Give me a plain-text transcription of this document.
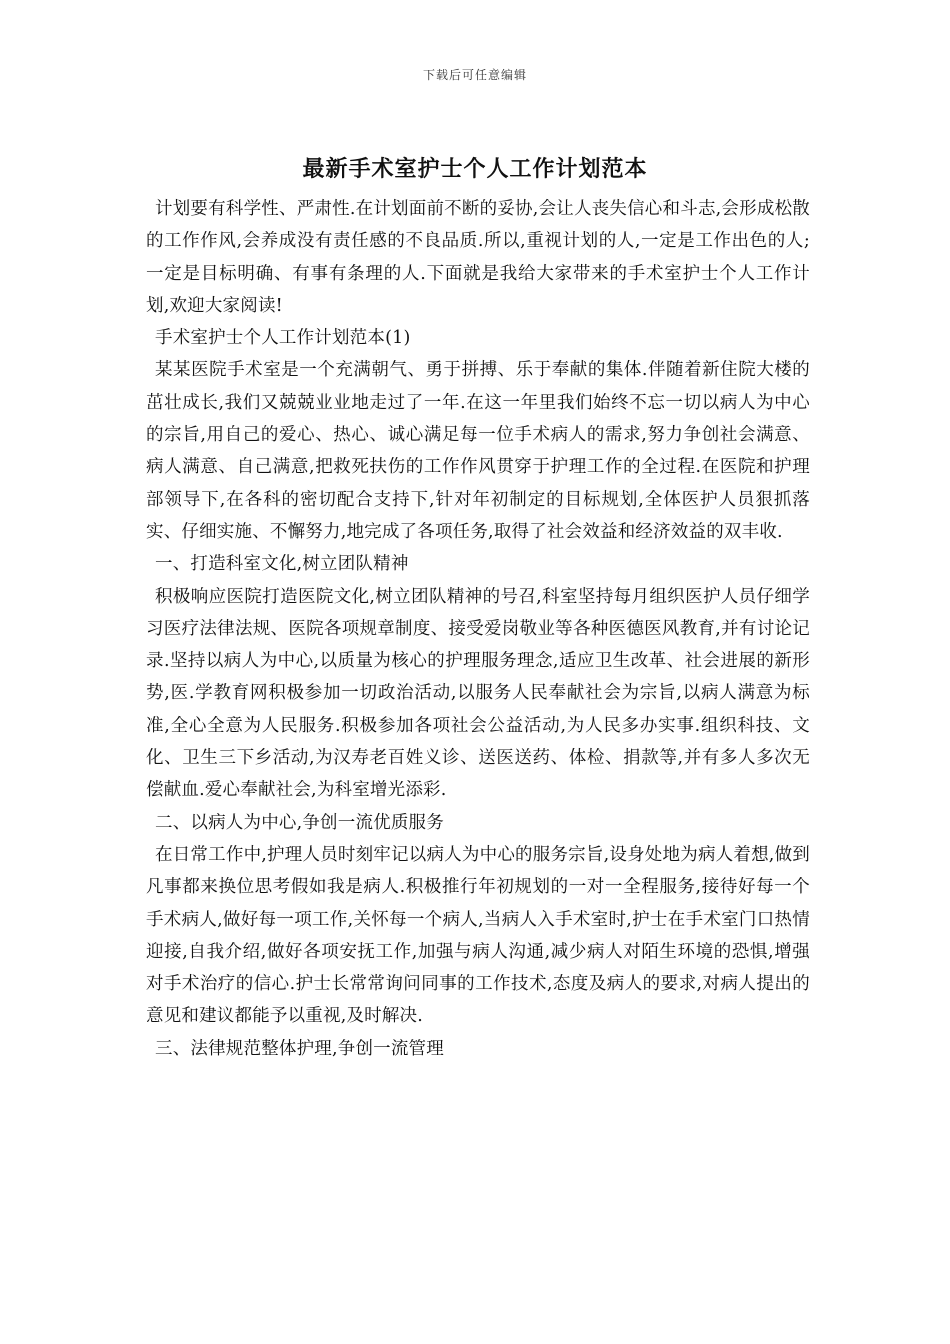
下载后可任意编辑
最新手术室护士个人工作计划范本

计划要有科学性、严肃性.在计划面前不断的妥协,会让人丧失信心和斗志,会形成松散的工作作风,会养成没有责任感的不良品质.所以,重视计划的人,一定是工作出色的人;一定是目标明确、有事有条理的人.下面就是我给大家带来的手术室护士个人工作计划,欢迎大家阅读!

手术室护士个人工作计划范本(1)

某某医院手术室是一个充满朝气、勇于拼搏、乐于奉献的集体.伴随着新住院大楼的茁壮成长,我们又兢兢业业地走过了一年.在这一年里我们始终不忘一切以病人为中心的宗旨,用自己的爱心、热心、诚心满足每一位手术病人的需求,努力争创社会满意、病人满意、自己满意,把救死扶伤的工作作风贯穿于护理工作的全过程.在医院和护理部领导下,在各科的密切配合支持下,针对年初制定的目标规划,全体医护人员狠抓落实、仔细实施、不懈努力,地完成了各项任务,取得了社会效益和经济效益的双丰收.

一、打造科室文化,树立团队精神

积极响应医院打造医院文化,树立团队精神的号召,科室坚持每月组织医护人员仔细学习医疗法律法规、医院各项规章制度、接受爱岗敬业等各种医德医风教育,并有讨论记录.坚持以病人为中心,以质量为核心的护理服务理念,适应卫生改革、社会进展的新形势,医.学教育网积极参加一切政治活动,以服务人民奉献社会为宗旨,以病人满意为标准,全心全意为人民服务.积极参加各项社会公益活动,为人民多办实事.组织科技、文化、卫生三下乡活动,为汉寿老百姓义诊、送医送药、体检、捐款等,并有多人多次无偿献血.爱心奉献社会,为科室增光添彩.

二、以病人为中心,争创一流优质服务

在日常工作中,护理人员时刻牢记以病人为中心的服务宗旨,设身处地为病人着想,做到凡事都来换位思考假如我是病人.积极推行年初规划的一对一全程服务,接待好每一个手术病人,做好每一项工作,关怀每一个病人,当病人入手术室时,护士在手术室门口热情迎接,自我介绍,做好各项安抚工作,加强与病人沟通,减少病人对陌生环境的恐惧,增强对手术治疗的信心.护士长常常询问同事的工作技术,态度及病人的要求,对病人提出的意见和建议都能予以重视,及时解决.

三、法律规范整体护理,争创一流管理
